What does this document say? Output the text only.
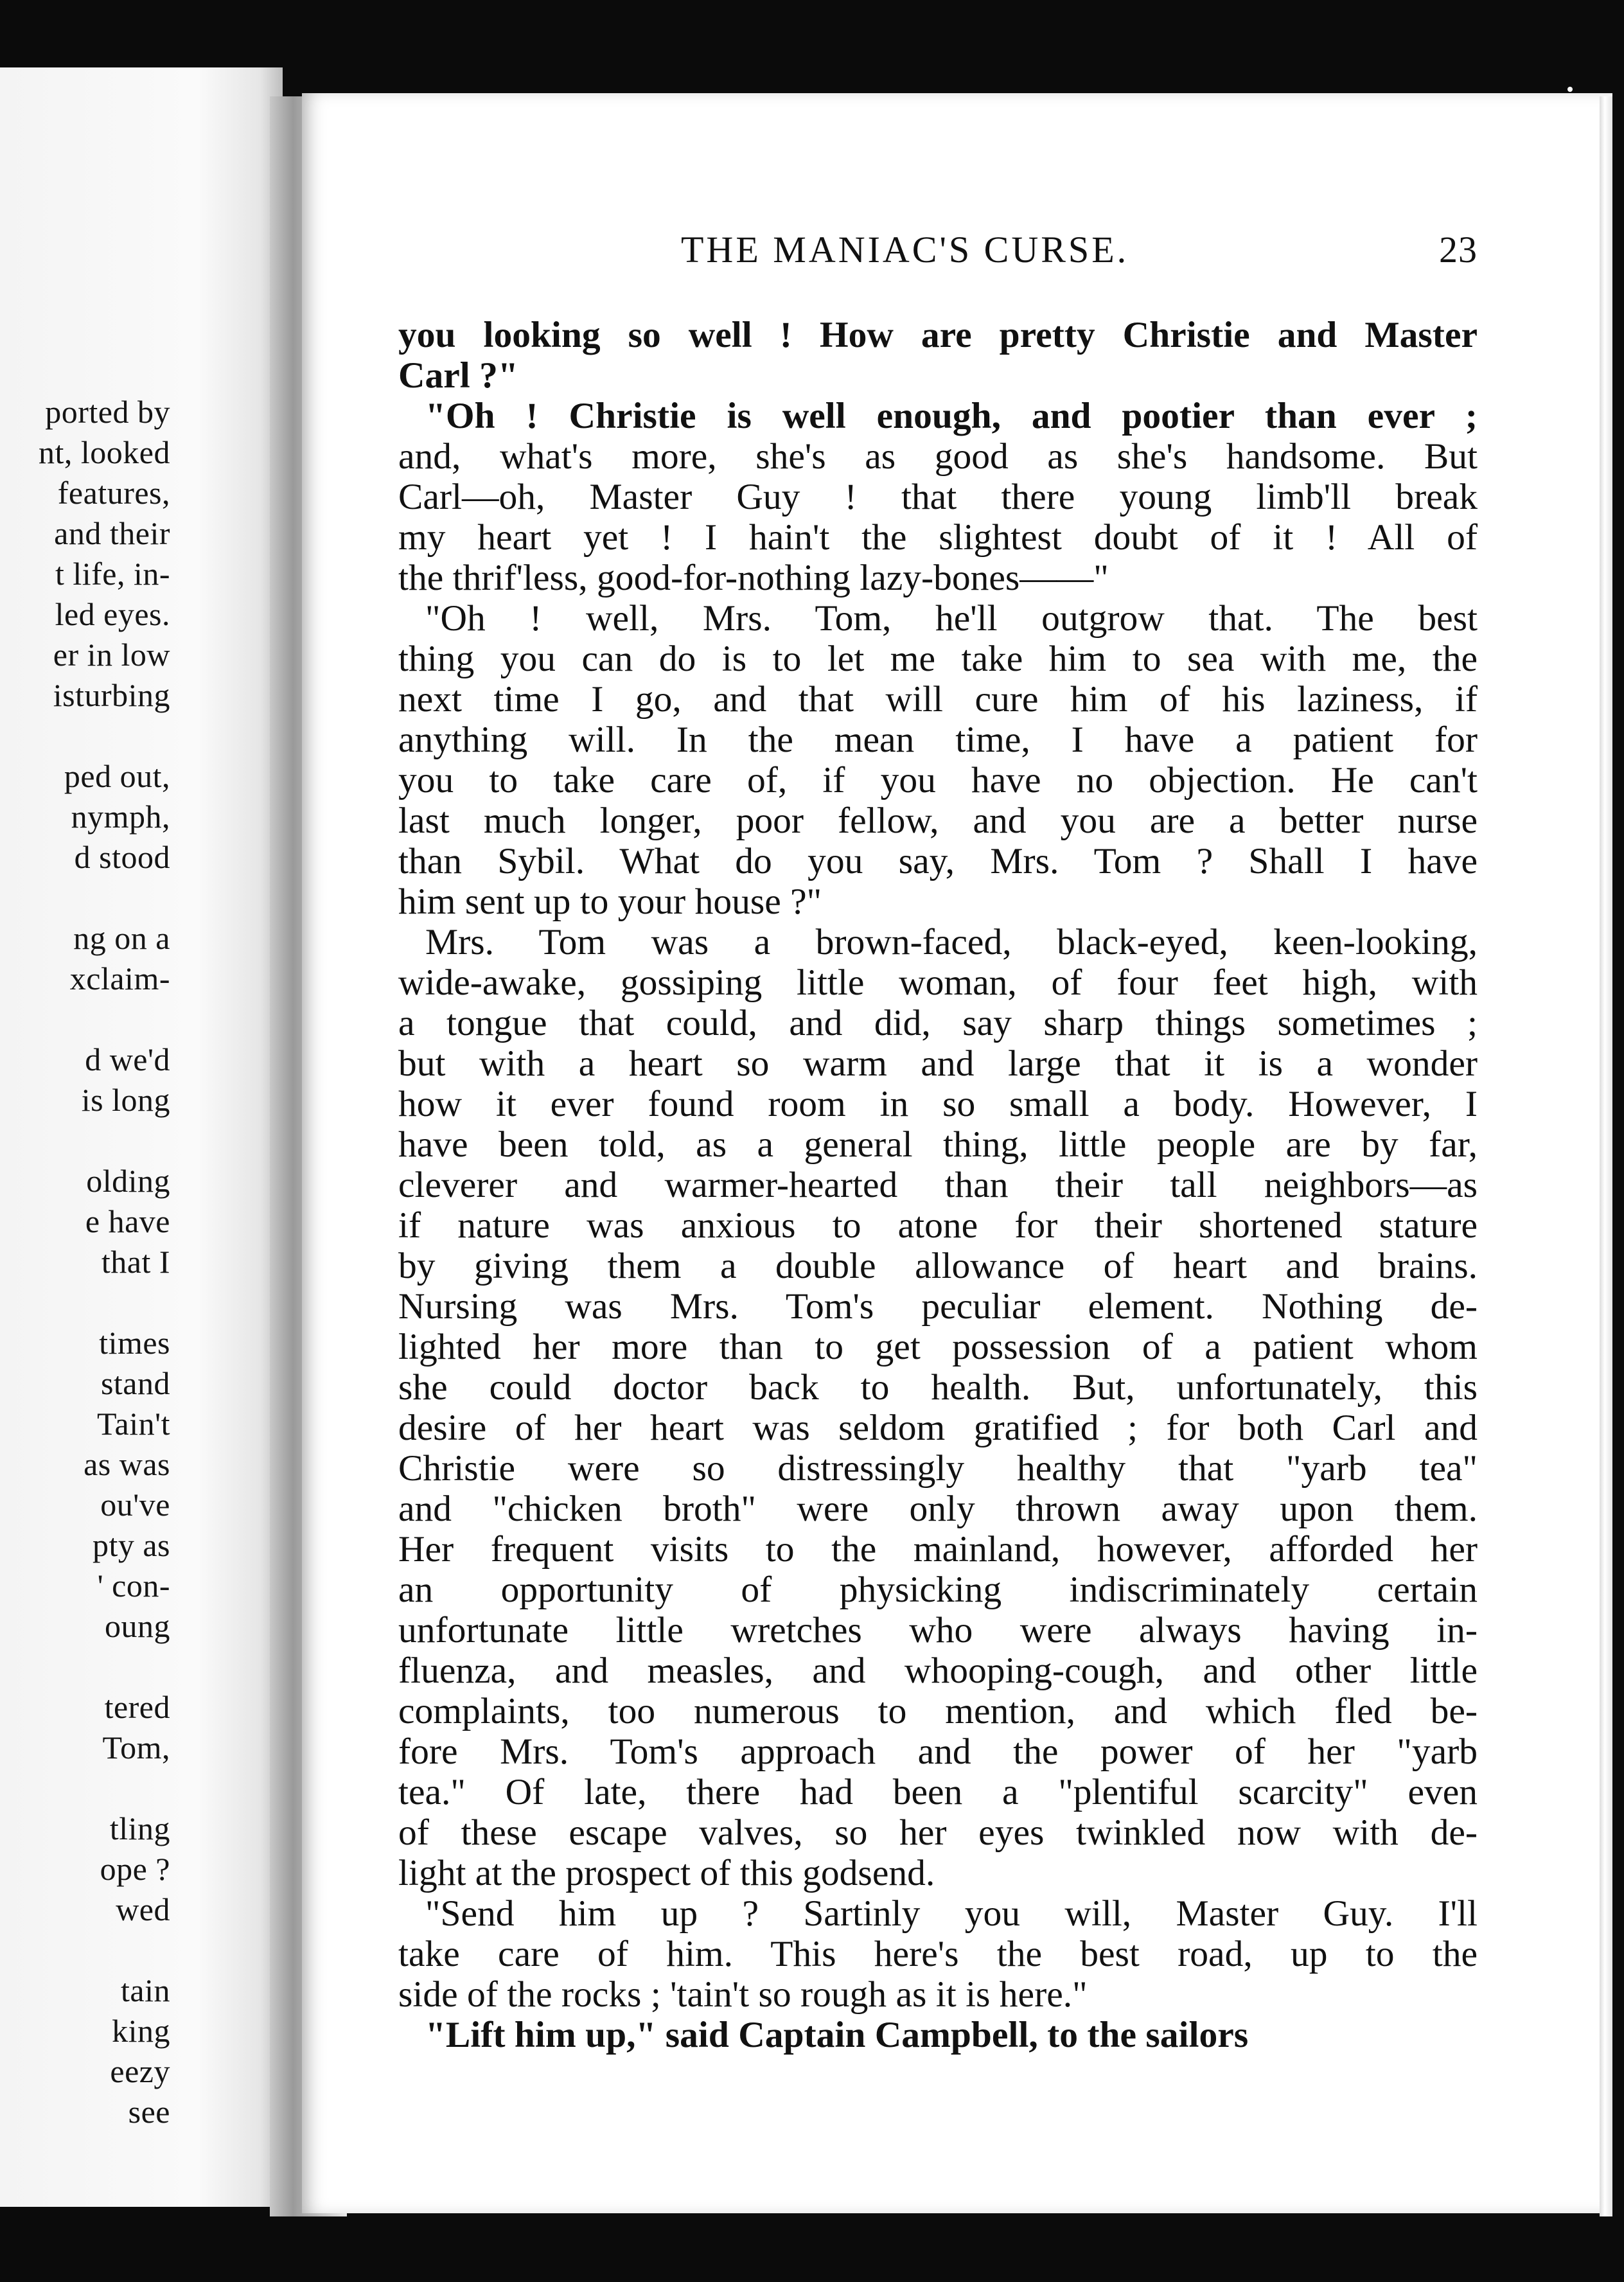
ported by
nt, looked
features,
and their
t life, in-
led eyes.
er in low
isturbing
ped out,
nymph,
d stood
ng on a
xclaim-
d we'd
is long
olding
e have
that I
times
stand
Tain't
as was
ou've
pty as
' con-
oung
tered
Tom,
tling
ope ?
wed
tain
king
eezy
see
THE MANIAC'S CURSE.	23
you looking so well ! How are pretty Christie and Master
Carl ?"
"Oh ! Christie is well enough, and pootier than ever ;
and, what's more, she's as good as she's handsome. But
Carl—oh, Master Guy ! that there young limb'll break
my heart yet ! I hain't the slightest doubt of it ! All of
the thrif'less, good-for-nothing lazy-bones——"
"Oh ! well, Mrs. Tom, he'll outgrow that. The best
thing you can do is to let me take him to sea with me, the
next time I go, and that will cure him of his laziness, if
anything will. In the mean time, I have a patient for
you to take care of, if you have no objection. He can't
last much longer, poor fellow, and you are a better nurse
than Sybil. What do you say, Mrs. Tom ? Shall I have
him sent up to your house ?"
Mrs. Tom was a brown-faced, black-eyed, keen-looking,
wide-awake, gossiping little woman, of four feet high, with
a tongue that could, and did, say sharp things sometimes ;
but with a heart so warm and large that it is a wonder
how it ever found room in so small a body. However, I
have been told, as a general thing, little people are by far,
cleverer and warmer-hearted than their tall neighbors—as
if nature was anxious to atone for their shortened stature
by giving them a double allowance of heart and brains.
Nursing was Mrs. Tom's peculiar element. Nothing de-
lighted her more than to get possession of a patient whom
she could doctor back to health. But, unfortunately, this
desire of her heart was seldom gratified ; for both Carl and
Christie were so distressingly healthy that "yarb tea"
and "chicken broth" were only thrown away upon them.
Her frequent visits to the mainland, however, afforded her
an opportunity of physicking indiscriminately certain
unfortunate little wretches who were always having in-
fluenza, and measles, and whooping-cough, and other little
complaints, too numerous to mention, and which fled be-
fore Mrs. Tom's approach and the power of her "yarb
tea." Of late, there had been a "plentiful scarcity" even
of these escape valves, so her eyes twinkled now with de-
light at the prospect of this godsend.
"Send him up ? Sartinly you will, Master Guy. I'll
take care of him. This here's the best road, up to the
side of the rocks ; 'tain't so rough as it is here."
"Lift him up," said Captain Campbell, to the sailors
